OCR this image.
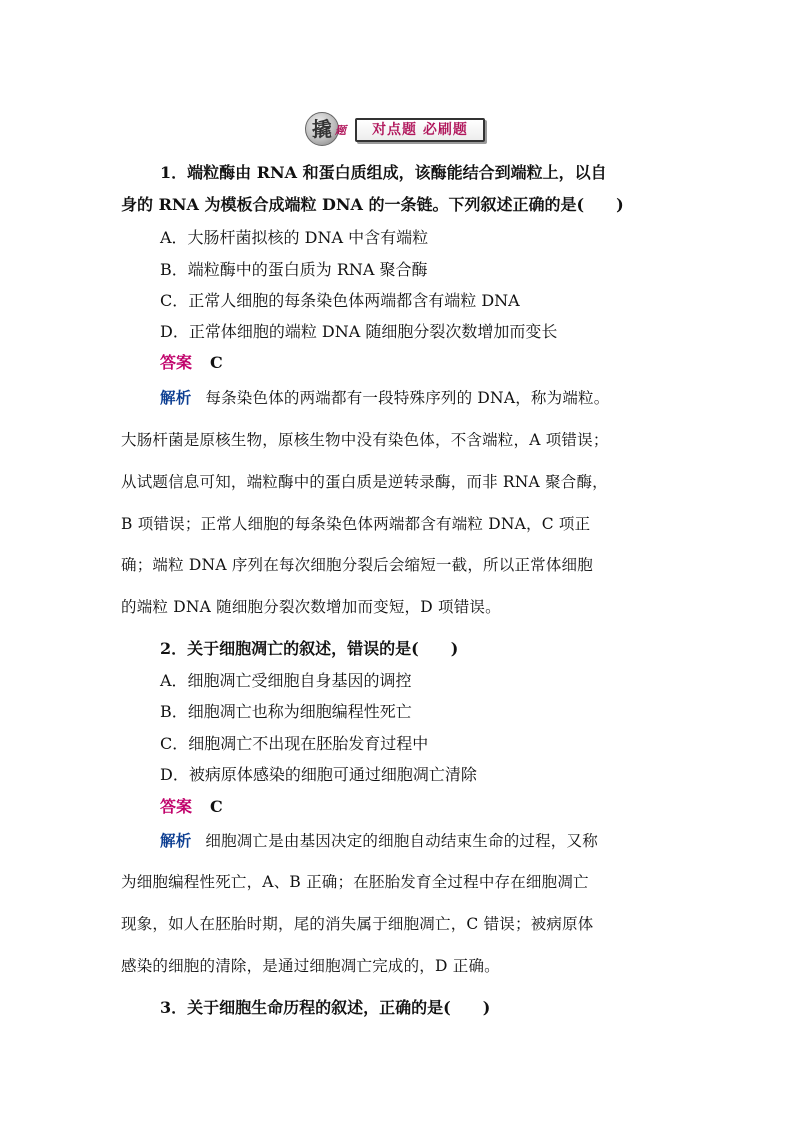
撬 题	对点题 必刷题
1．端粒酶由 RNA 和蛋白质组成，该酶能结合到端粒上，以自
身的 RNA 为模板合成端粒 DNA 的一条链。下列叙述正确的是(　　)
A．大肠杆菌拟核的 DNA 中含有端粒
B．端粒酶中的蛋白质为 RNA 聚合酶
C．正常人细胞的每条染色体两端都含有端粒 DNA
D．正常体细胞的端粒 DNA 随细胞分裂次数增加而变长
答案 C
解析 每条染色体的两端都有一段特殊序列的 DNA，称为端粒。
大肠杆菌是原核生物，原核生物中没有染色体，不含端粒，A 项错误；
从试题信息可知，端粒酶中的蛋白质是逆转录酶，而非 RNA 聚合酶，
B 项错误；正常人细胞的每条染色体两端都含有端粒 DNA，C 项正
确；端粒 DNA 序列在每次细胞分裂后会缩短一截，所以正常体细胞
的端粒 DNA 随细胞分裂次数增加而变短，D 项错误。
2．关于细胞凋亡的叙述，错误的是(　　)
A．细胞凋亡受细胞自身基因的调控
B．细胞凋亡也称为细胞编程性死亡
C．细胞凋亡不出现在胚胎发育过程中
D．被病原体感染的细胞可通过细胞凋亡清除
答案 C
解析 细胞凋亡是由基因决定的细胞自动结束生命的过程，又称
为细胞编程性死亡，A、B 正确；在胚胎发育全过程中存在细胞凋亡
现象，如人在胚胎时期，尾的消失属于细胞凋亡，C 错误；被病原体
感染的细胞的清除，是通过细胞凋亡完成的，D 正确。
3．关于细胞生命历程的叙述，正确的是(　　)
